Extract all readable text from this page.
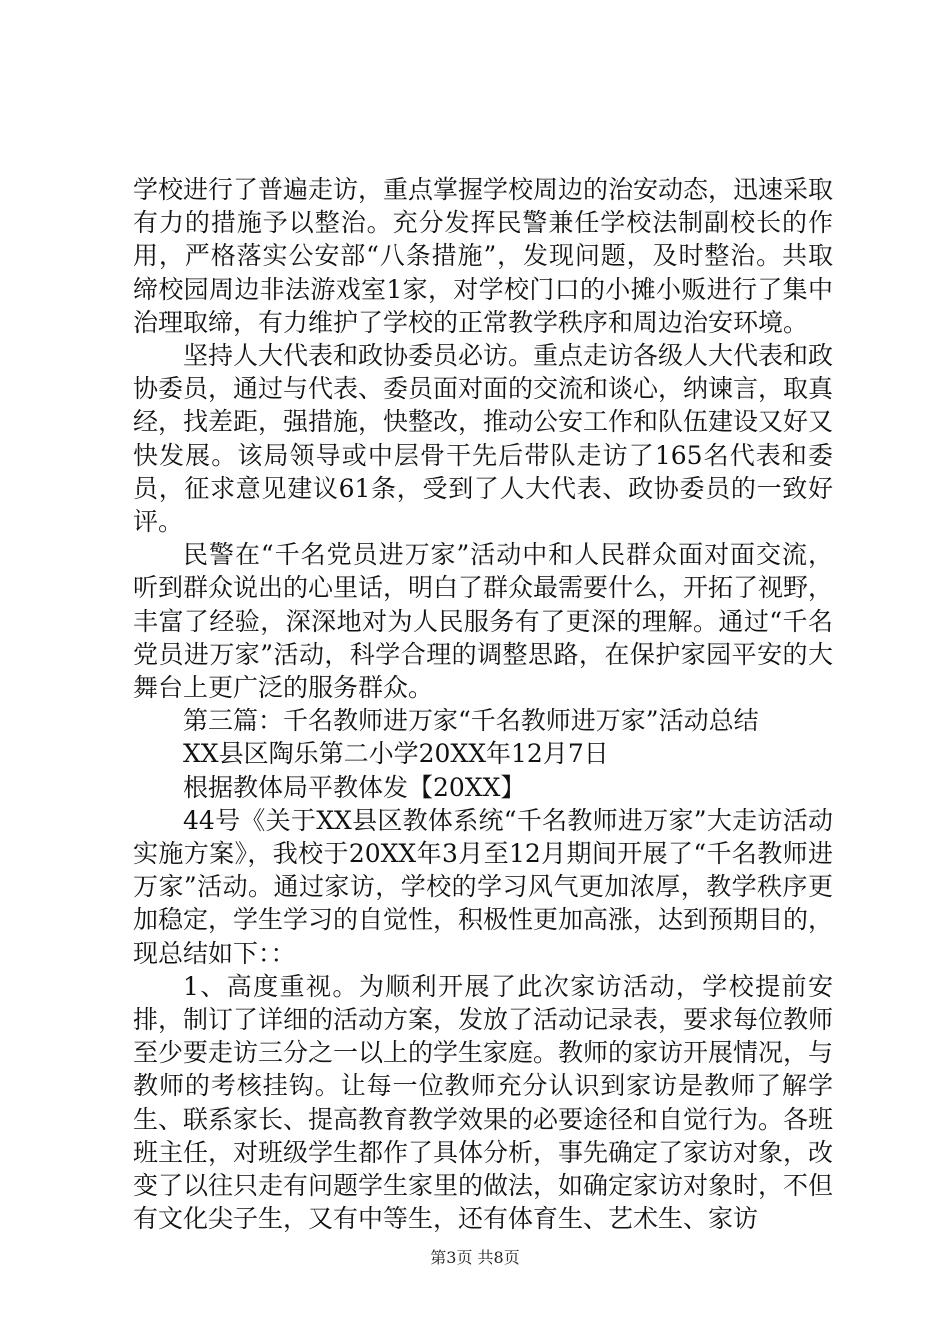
学校进行了普遍走访，重点掌握学校周边的治安动态，迅速采取有力的措施予以整治。充分发挥民警兼任学校法制副校长的作用，严格落实公安部“八条措施”，发现问题，及时整治。共取缔校园周边非法游戏室1家，对学校门口的小摊小贩进行了集中治理取缔，有力维护了学校的正常教学秩序和周边治安环境。

坚持人大代表和政协委员必访。重点走访各级人大代表和政协委员，通过与代表、委员面对面的交流和谈心，纳谏言，取真经，找差距，强措施，快整改，推动公安工作和队伍建设又好又快发展。该局领导或中层骨干先后带队走访了165名代表和委员，征求意见建议61条，受到了人大代表、政协委员的一致好评。

民警在“千名党员进万家”活动中和人民群众面对面交流，听到群众说出的心里话，明白了群众最需要什么，开拓了视野，丰富了经验，深深地对为人民服务有了更深的理解。通过“千名党员进万家”活动，科学合理的调整思路，在保护家园平安的大舞台上更广泛的服务群众。

第三篇：千名教师进万家“千名教师进万家”活动总结

XX县区陶乐第二小学20XX年12月7日

根据教体局平教体发【20XX】

44号《关于XX县区教体系统“千名教师进万家”大走访活动实施方案》，我校于20XX年3月至12月期间开展了“千名教师进万家”活动。通过家访，学校的学习风气更加浓厚，教学秩序更加稳定，学生学习的自觉性，积极性更加高涨，达到预期目的，现总结如下：：

1、高度重视。为顺利开展了此次家访活动，学校提前安排，制订了详细的活动方案，发放了活动记录表，要求每位教师至少要走访三分之一以上的学生家庭。教师的家访开展情况，与教师的考核挂钩。让每一位教师充分认识到家访是教师了解学生、联系家长、提高教育教学效果的必要途径和自觉行为。各班班主任，对班级学生都作了具体分析，事先确定了家访对象，改变了以往只走有问题学生家里的做法，如确定家访对象时，不但有文化尖子生，又有中等生，还有体育生、艺术生、家访

第3页 共8页
